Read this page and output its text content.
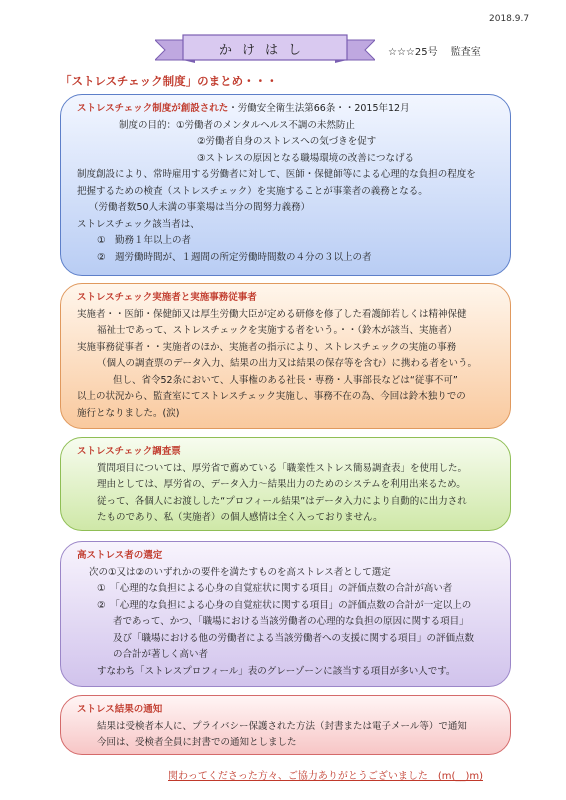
2018.9.7
かけはし	☆☆☆25号　 監査室
「ストレスチェック制度」のまとめ・・・

ストレスチェック制度が創設された・労働安全衛生法第66条・・2015年12月

制度の目的：①労働者のメンタルヘルス不調の未然防止

②労働者自身のストレスへの気づきを促す

③ストレスの原因となる職場環境の改善につなげる

制度創設により、常時雇用する労働者に対して、医師・保健師等による心理的な負担の程度を

把握するための検査（ストレスチェック）を実施することが事業者の義務となる。

（労働者数50人未満の事業場は当分の間努力義務）

ストレスチェック該当者は、

①　勤務１年以上の者

②　週労働時間が、１週間の所定労働時間数の４分の３以上の者

ストレスチェック実施者と実施事務従事者

実施者・・医師・保健師又は厚生労働大臣が定める研修を修了した看護師若しくは精神保健

福祉士であって、ストレスチェックを実施する者をいう。・・（鈴木が該当、実施者）

実施事務従事者・・実施者のほか、実施者の指示により、ストレスチェックの実施の事務

（個人の調査票のデータ入力、結果の出力又は結果の保存等を含む）に携わる者をいう。

但し、省令52条において、人事権のある社長・専務・人事部長などは“従事不可”

以上の状況から、監査室にてストレスチェック実施し、事務不在の為、今回は鈴木独りでの

施行となりました。(涙)

ストレスチェック調査票

質問項目については、厚労省で薦めている「職業性ストレス簡易調査表」を使用した。

理由としては、厚労省の、データ入力～結果出力のためのシステムを利用出来るため。

従って、各個人にお渡しした“プロフィール結果”はデータ入力により自動的に出力され

たものであり、私（実施者）の個人感情は全く入っておりません。

高ストレス者の選定

次の①又は②のいずれかの要件を満たすものを高ストレス者として選定

①　「心理的な負担による心身の自覚症状に関する項目」の評価点数の合計が高い者

②　「心理的な負担による心身の自覚症状に関する項目」の評価点数の合計が一定以上の

者であって、かつ、「職場における当該労働者の心理的な負担の原因に関する項目」

及び「職場における他の労働者による当該労働者への支援に関する項目」の評価点数

の合計が著しく高い者

すなわち「ストレスプロフィール」表のグレーゾーンに該当する項目が多い人です。

ストレス結果の通知

結果は受検者本人に、プライバシー保護された方法（封書または電子メール等）で通知

今回は、受検者全員に封書での通知としました

関わってくださった方々、ご協力ありがとうございました　(m(__)m)
